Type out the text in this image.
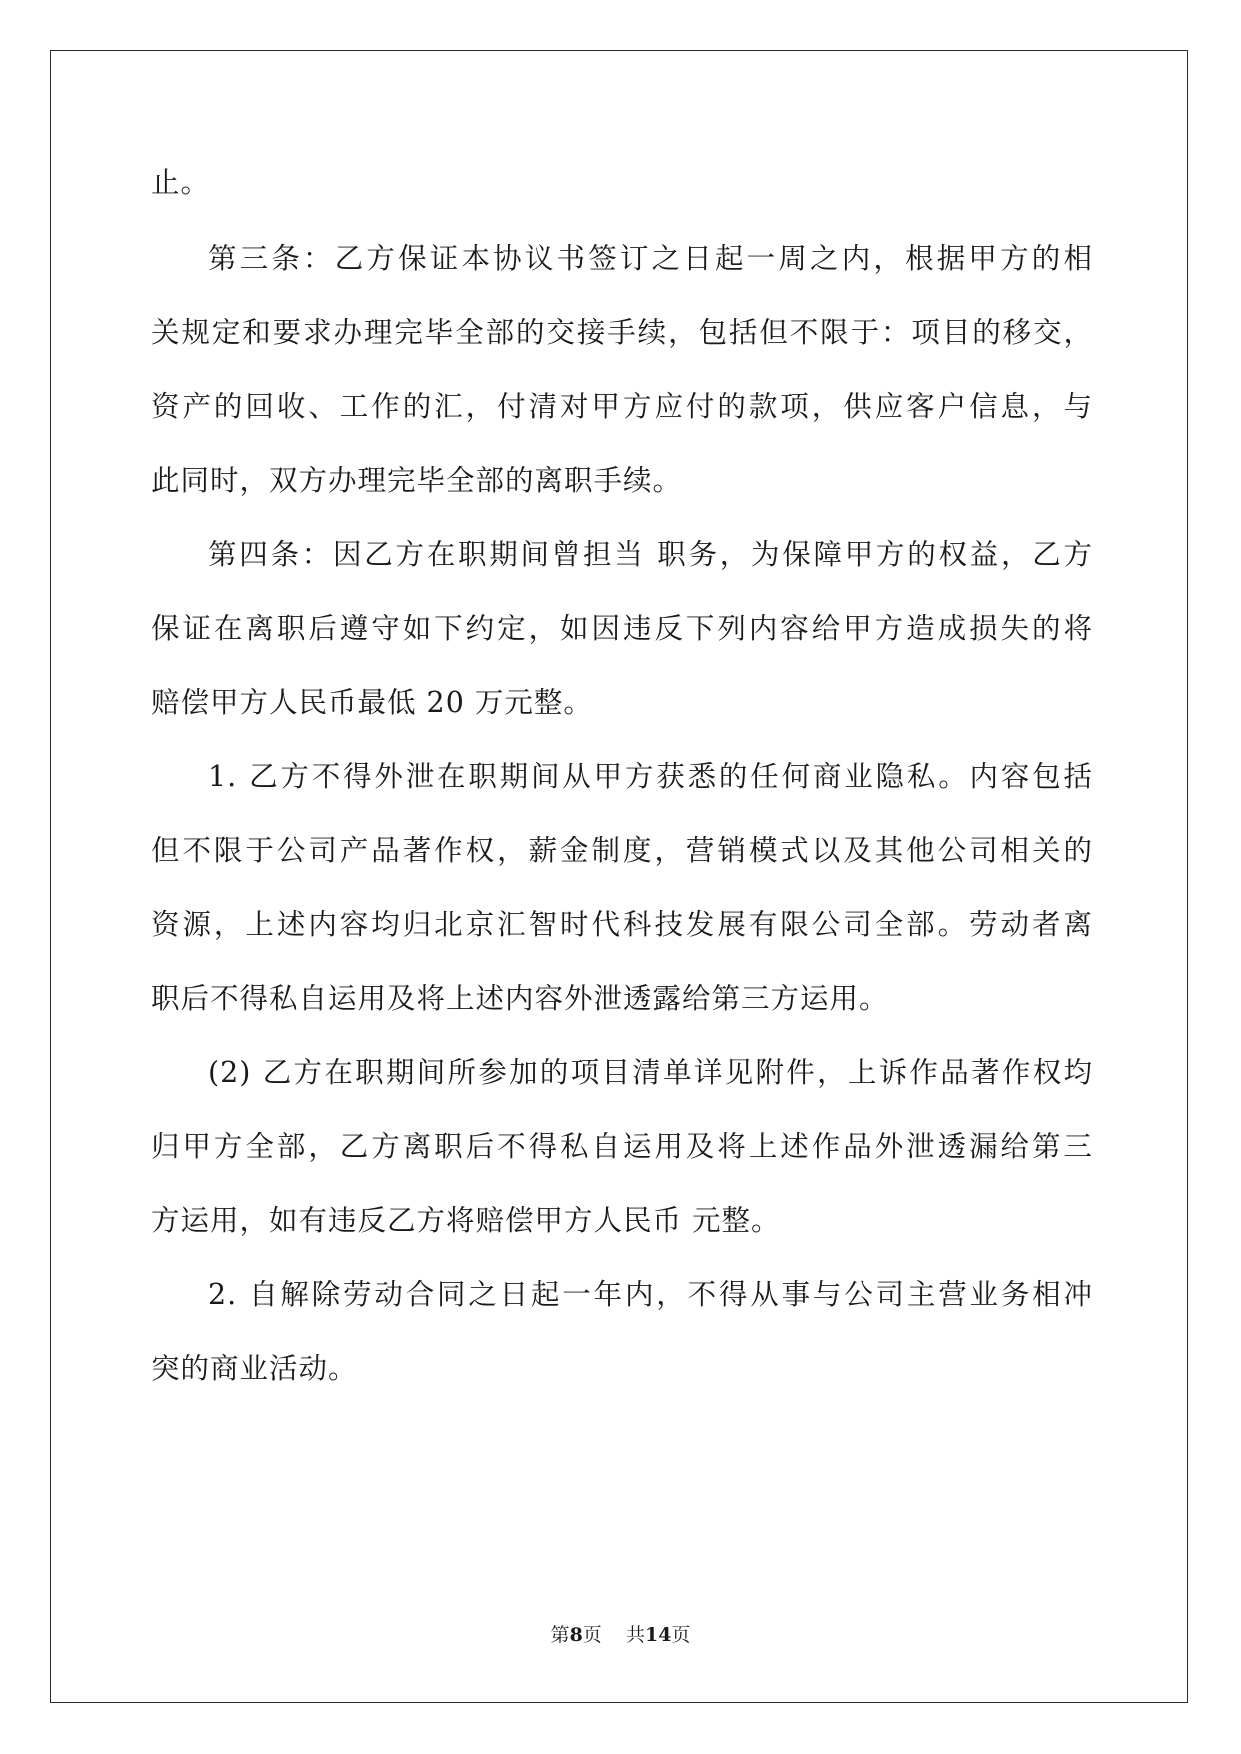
止。
第三条：乙方保证本协议书签订之日起一周之内，根据甲方的相
关规定和要求办理完毕全部的交接手续，包括但不限于：项目的移交，
资产的回收、工作的汇，付清对甲方应付的款项，供应客户信息，与
此同时，双方办理完毕全部的离职手续。
第四条：因乙方在职期间曾担当 职务，为保障甲方的权益，乙方
保证在离职后遵守如下约定，如因违反下列内容给甲方造成损失的将
赔偿甲方人民币最低 20 万元整。
1. 乙方不得外泄在职期间从甲方获悉的任何商业隐私。内容包括
但不限于公司产品著作权，薪金制度，营销模式以及其他公司相关的
资源，上述内容均归北京汇智时代科技发展有限公司全部。劳动者离
职后不得私自运用及将上述内容外泄透露给第三方运用。
(2) 乙方在职期间所参加的项目清单详见附件，上诉作品著作权均
归甲方全部，乙方离职后不得私自运用及将上述作品外泄透漏给第三
方运用，如有违反乙方将赔偿甲方人民币 元整。
2. 自解除劳动合同之日起一年内，不得从事与公司主营业务相冲
突的商业活动。
第8页    共14页
